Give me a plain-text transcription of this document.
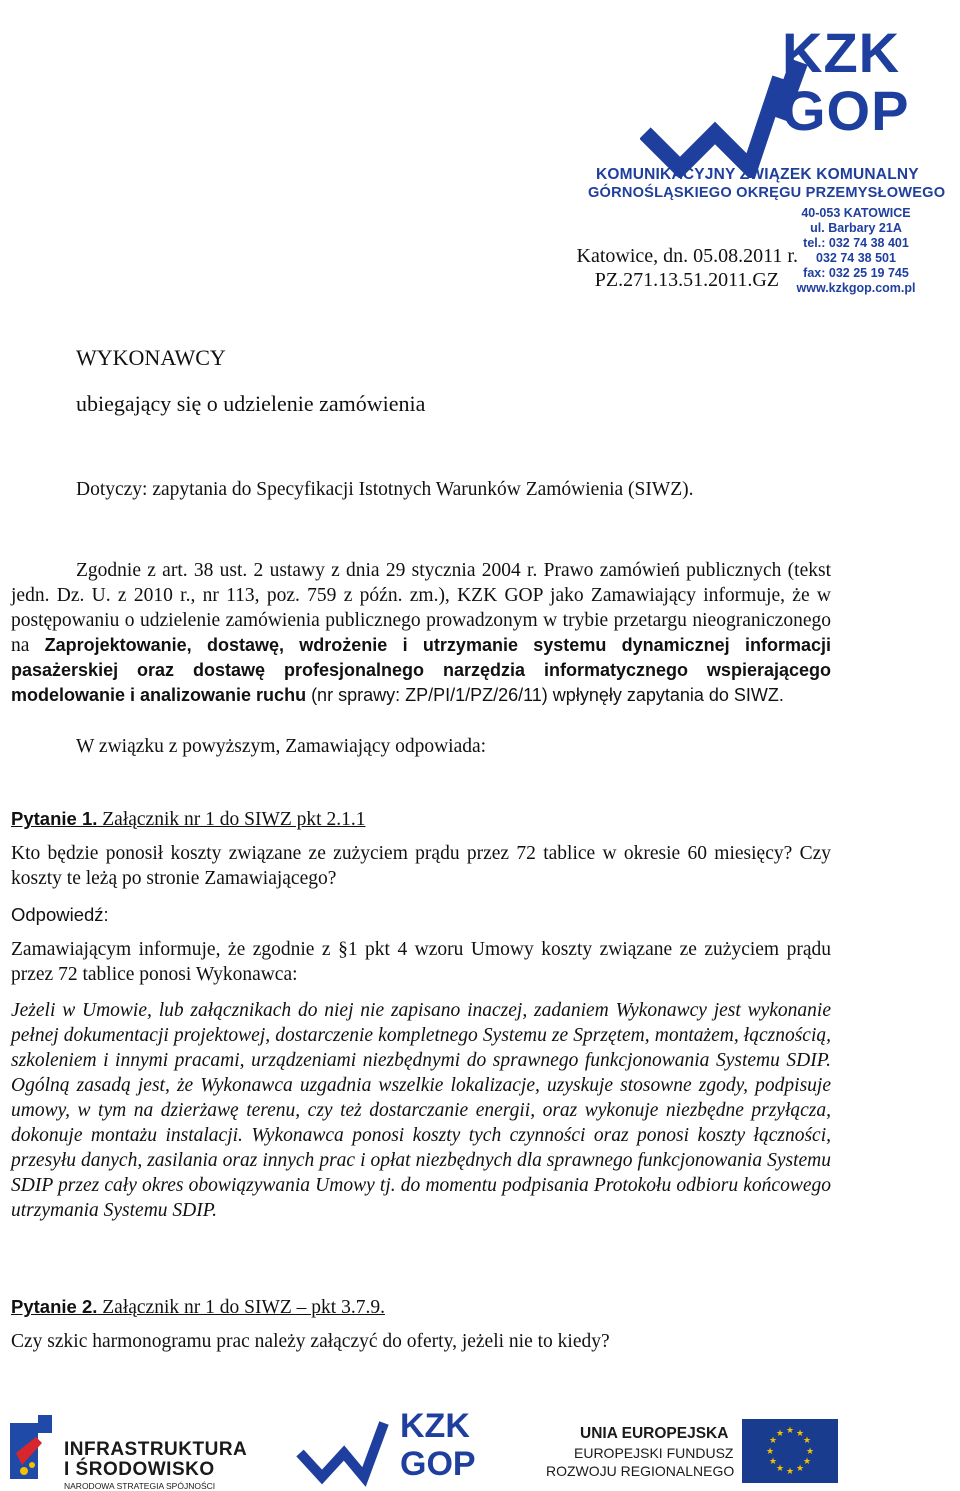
KZK
GOP
KOMUNIKACYJNY ZWIĄZEK KOMUNALNY
GÓRNOŚLĄSKIEGO OKRĘGU PRZEMYSŁOWEGO
40-053 KATOWICE
ul. Barbary 21A
tel.: 032 74 38 401
032 74 38 501
fax: 032 25 19 745
www.kzkgop.com.pl
Katowice, dn. 05.08.2011 r.
PZ.271.13.51.2011.GZ
WYKONAWCY
ubiegający się o udzielenie zamówienia
Dotyczy: zapytania do Specyfikacji Istotnych Warunków Zamówienia (SIWZ).
Zgodnie z art. 38 ust. 2 ustawy z dnia 29 stycznia 2004 r. Prawo zamówień publicznych (tekst jedn. Dz. U. z 2010 r., nr 113, poz. 759 z późn. zm.), KZK GOP jako Zamawiający informuje, że w postępowaniu o udzielenie zamówienia publicznego prowadzonym w trybie przetargu nieograniczonego na Zaprojektowanie, dostawę, wdrożenie i utrzymanie systemu dynamicznej informacji pasażerskiej oraz dostawę profesjonalnego narzędzia informatycznego wspierającego modelowanie i analizowanie ruchu (nr sprawy: ZP/PI/1/PZ/26/11) wpłynęły zapytania do SIWZ.
W związku z powyższym, Zamawiający odpowiada:
Pytanie 1. Załącznik nr 1 do SIWZ pkt 2.1.1
Kto będzie ponosił koszty związane ze zużyciem prądu przez 72 tablice w okresie 60 miesięcy? Czy koszty te leżą po stronie Zamawiającego?
Odpowiedź:
Zamawiającym informuje, że zgodnie z §1 pkt 4 wzoru Umowy koszty związane ze zużyciem prądu przez 72 tablice ponosi Wykonawca:
Jeżeli w Umowie, lub załącznikach do niej nie zapisano inaczej, zadaniem Wykonawcy jest wykonanie pełnej dokumentacji projektowej, dostarczenie kompletnego Systemu ze Sprzętem, montażem, łącznością, szkoleniem i innymi pracami, urządzeniami niezbędnymi do sprawnego funkcjonowania Systemu SDIP. Ogólną zasadą jest, że Wykonawca uzgadnia wszelkie lokalizacje, uzyskuje stosowne zgody, podpisuje umowy, w tym na dzierżawę terenu, czy też dostarczanie energii, oraz wykonuje niezbędne przyłącza, dokonuje montażu instalacji. Wykonawca ponosi koszty tych czynności oraz ponosi koszty łączności, przesyłu danych, zasilania oraz innych prac i opłat niezbędnych dla sprawnego funkcjonowania Systemu SDIP przez cały okres obowiązywania Umowy tj. do momentu podpisania Protokołu odbioru końcowego utrzymania Systemu SDIP.
Pytanie 2. Załącznik nr 1 do SIWZ – pkt 3.7.9.
Czy szkic harmonogramu prac należy załączyć do oferty, jeżeli nie to kiedy?
INFRASTRUKTURA
I ŚRODOWISKO
NARODOWA STRATEGIA SPÓJNOŚCI
KZK
GOP
UNIA EUROPEJSKA
EUROPEJSKI FUNDUSZ
ROZWOJU REGIONALNEGO
★ ★
★
★
★
★
★
★
★
★
★
★
